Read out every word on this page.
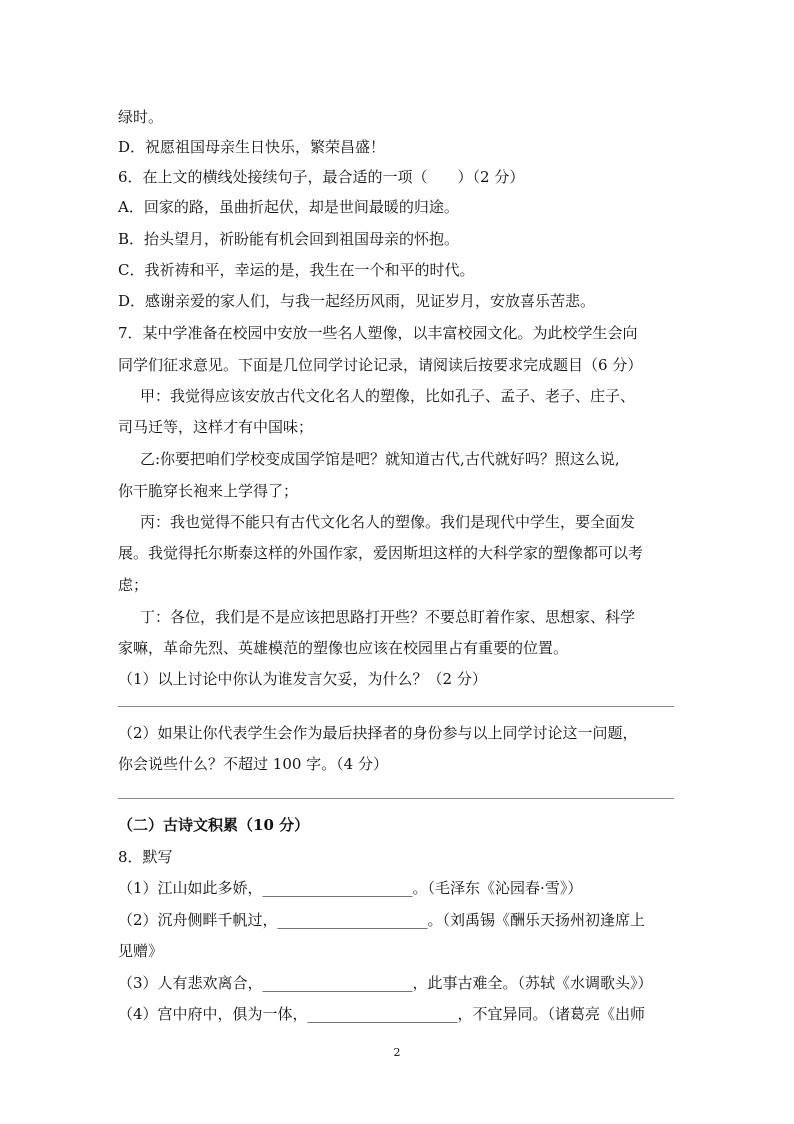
绿时。
D．祝愿祖国母亲生日快乐，繁荣昌盛！
6．在上文的横线处接续句子，最合适的一项（　　）（2 分）
A．回家的路，虽曲折起伏，却是世间最暖的归途。
B．抬头望月，祈盼能有机会回到祖国母亲的怀抱。
C．我祈祷和平，幸运的是，我生在一个和平的时代。
D．感谢亲爱的家人们，与我一起经历风雨，见证岁月，安放喜乐苦悲。
7．某中学准备在校园中安放一些名人塑像，以丰富校园文化。为此校学生会向
同学们征求意见。下面是几位同学讨论记录，请阅读后按要求完成题目（6 分）
甲：我觉得应该安放古代文化名人的塑像，比如孔子、孟子、老子、庄子、
司马迁等，这样才有中国味；
乙:你要把咱们学校变成国学馆是吧？就知道古代,古代就好吗？照这么说,
你干脆穿长袍来上学得了；
丙：我也觉得不能只有古代文化名人的塑像。我们是现代中学生，要全面发
展。我觉得托尔斯泰这样的外国作家，爱因斯坦这样的大科学家的塑像都可以考
虑；
丁：各位，我们是不是应该把思路打开些？不要总盯着作家、思想家、科学
家嘛，革命先烈、英雄模范的塑像也应该在校园里占有重要的位置。
（1）以上讨论中你认为谁发言欠妥，为什么？（2 分）
（2）如果让你代表学生会作为最后抉择者的身份参与以上同学讨论这一问题，
你会说些什么？不超过 100 字。（4 分）
（二）古诗文积累（10 分）
8．默写
（1）江山如此多娇，____________________。（毛泽东《沁园春·雪》）
（2）沉舟侧畔千帆过，____________________。（刘禹锡《酬乐天扬州初逢席上
见赠》
（3）人有悲欢离合，____________________，此事古难全。（苏轼《水调歌头》）
（4）宫中府中，俱为一体，____________________，不宜异同。（诸葛亮《出师
2
